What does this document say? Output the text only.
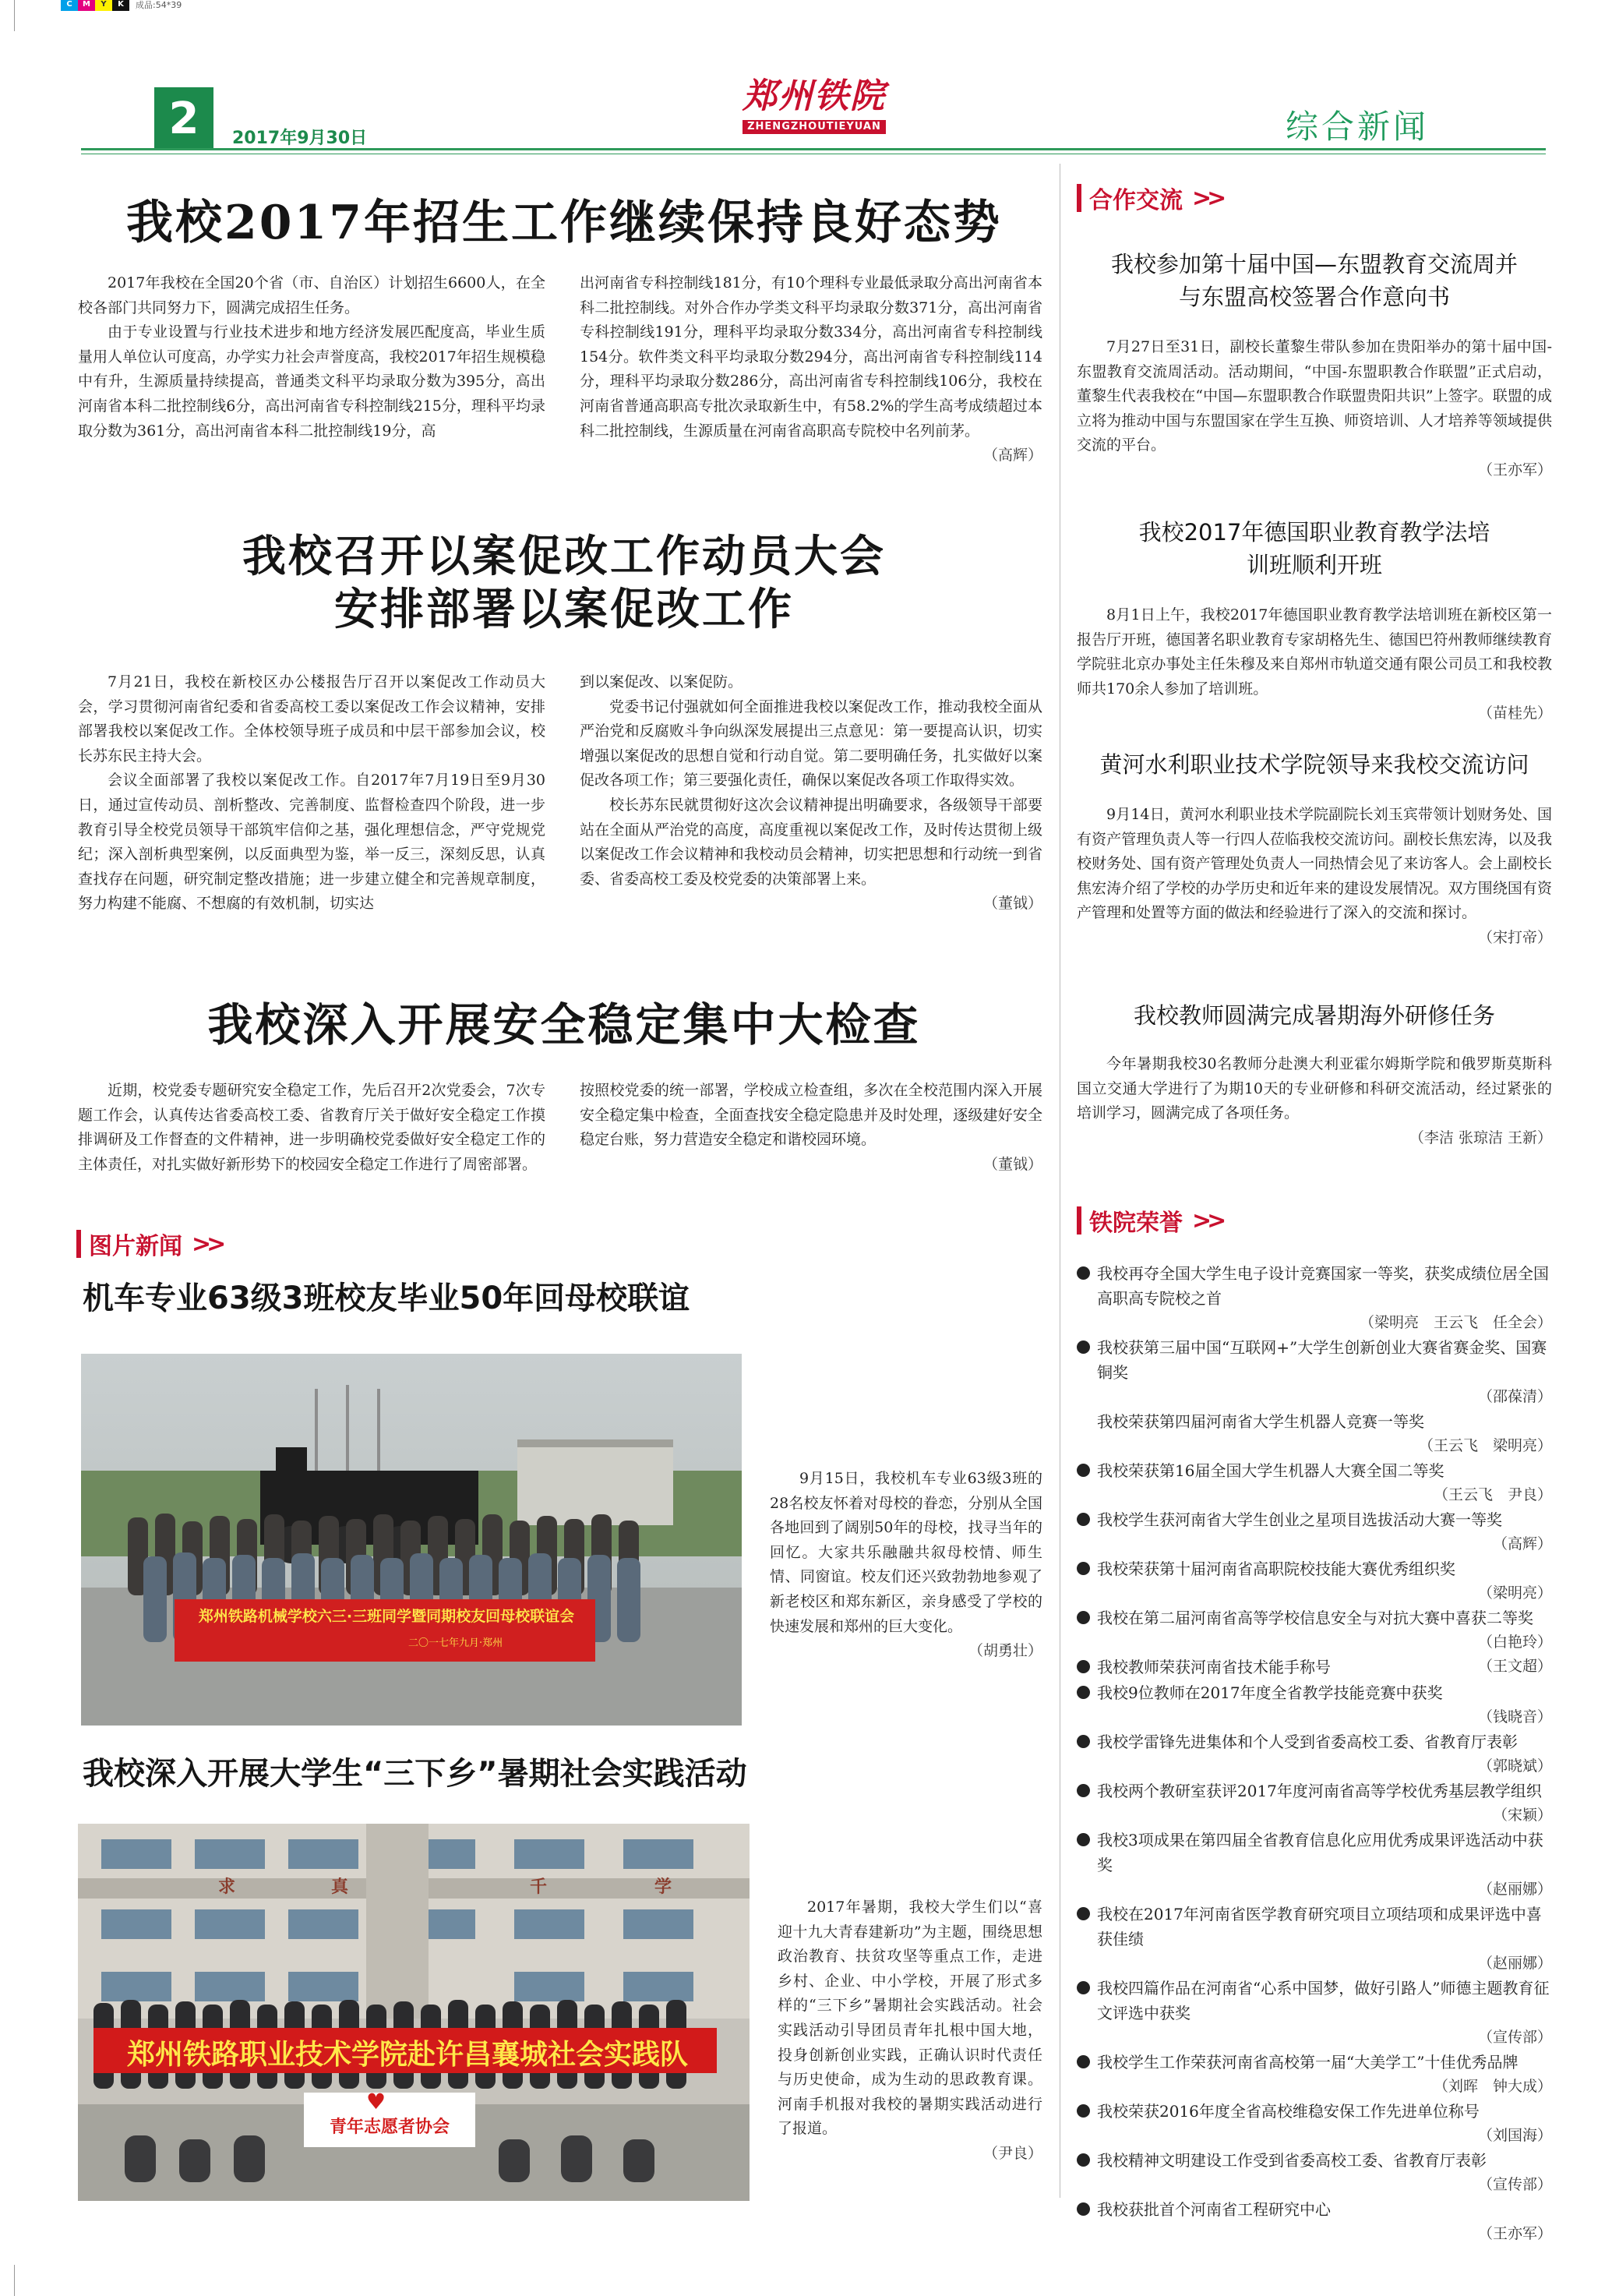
C	M	Y	K	成品:54*39
2 2017年9月30日
郑州铁院
ZHENGZHOUTIEYUAN	综合新闻
我校2017年招生工作继续保持良好态势

2017年我校在全国20个省（市、自治区）计划招生6600人，在全校各部门共同努力下，圆满完成招生任务。

由于专业设置与行业技术进步和地方经济发展匹配度高，毕业生质量用人单位认可度高，办学实力社会声誉度高，我校2017年招生规模稳中有升，生源质量持续提高，普通类文科平均录取分数为395分，高出河南省本科二批控制线6分，高出河南省专科控制线215分，理科平均录取分数为361分，高出河南省本科二批控制线19分，高

出河南省专科控制线181分，有10个理科专业最低录取分高出河南省本科二批控制线。对外合作办学类文科平均录取分数371分，高出河南省专科控制线191分，理科平均录取分数334分，高出河南省专科控制线154分。软件类文科平均录取分数294分，高出河南省专科控制线114分，理科平均录取分数286分，高出河南省专科控制线106分，我校在河南省普通高职高专批次录取新生中，有58.2%的学生高考成绩超过本科二批控制线，生源质量在河南省高职高专院校中名列前茅。

（高辉）
我校召开以案促改工作动员大会
安排部署以案促改工作

7月21日，我校在新校区办公楼报告厅召开以案促改工作动员大会，学习贯彻河南省纪委和省委高校工委以案促改工作会议精神，安排部署我校以案促改工作。全体校领导班子成员和中层干部参加会议，校长苏东民主持大会。

会议全面部署了我校以案促改工作。自2017年7月19日至9月30日，通过宣传动员、剖析整改、完善制度、监督检查四个阶段，进一步教育引导全校党员领导干部筑牢信仰之基，强化理想信念，严守党规党纪；深入剖析典型案例，以反面典型为鉴，举一反三，深刻反思，认真查找存在问题，研究制定整改措施；进一步建立健全和完善规章制度，努力构建不能腐、不想腐的有效机制，切实达

到以案促改、以案促防。

党委书记付强就如何全面推进我校以案促改工作，推动我校全面从严治党和反腐败斗争向纵深发展提出三点意见：第一要提高认识，切实增强以案促改的思想自觉和行动自觉。第二要明确任务，扎实做好以案促改各项工作；第三要强化责任，确保以案促改各项工作取得实效。

校长苏东民就贯彻好这次会议精神提出明确要求，各级领导干部要站在全面从严治党的高度，高度重视以案促改工作，及时传达贯彻上级以案促改工作会议精神和我校动员会精神，切实把思想和行动统一到省委、省委高校工委及校党委的决策部署上来。

（董钺）
我校深入开展安全稳定集中大检查

近期，校党委专题研究安全稳定工作，先后召开2次党委会，7次专题工作会，认真传达省委高校工委、省教育厅关于做好安全稳定工作摸排调研及工作督查的文件精神，进一步明确校党委做好安全稳定工作的主体责任，对扎实做好新形势下的校园安全稳定工作进行了周密部署。

按照校党委的统一部署，学校成立检查组，多次在全校范围内深入开展安全稳定集中检查，全面查找安全稳定隐患并及时处理，逐级建好安全稳定台账，努力营造安全稳定和谐校园环境。

（董钺）
图片新闻 >>
机车专业63级3班校友毕业50年回母校联谊
郑州铁路机械学校六三·三班同学暨同期校友回母校联谊会
二〇一七年九月·郑州

9月15日，我校机车专业63级3班的28名校友怀着对母校的眷恋，分别从全国各地回到了阔别50年的母校，找寻当年的回忆。大家共乐融融共叙母校情、师生情、同窗谊。校友们还兴致勃勃地参观了新老校区和郑东新区，亲身感受了学校的快速发展和郑州的巨大变化。

（胡勇壮）
我校深入开展大学生“三下乡”暑期社会实践活动
郑州铁路职业技术学院赴许昌襄城社会实践队
青年志愿者协会
♥
求	真	千	学

2017年暑期，我校大学生们以“喜迎十九大青春建新功”为主题，围绕思想政治教育、扶贫攻坚等重点工作，走进乡村、企业、中小学校，开展了形式多样的“三下乡”暑期社会实践活动。社会实践活动引导团员青年扎根中国大地，投身创新创业实践，正确认识时代责任与历史使命，成为生动的思政教育课。河南手机报对我校的暑期实践活动进行了报道。

（尹良）
合作交流 >>
我校参加第十届中国—东盟教育交流周并与东盟高校签署合作意向书

7月27日至31日，副校长董黎生带队参加在贵阳举办的第十届中国-东盟教育交流周活动。活动期间，“中国-东盟职教合作联盟”正式启动，董黎生代表我校在“中国—东盟职教合作联盟贵阳共识”上签字。联盟的成立将为推动中国与东盟国家在学生互换、师资培训、人才培养等领域提供交流的平台。

（王亦军）
我校2017年德国职业教育教学法培训班顺利开班

8月1日上午，我校2017年德国职业教育教学法培训班在新校区第一报告厅开班，德国著名职业教育专家胡格先生、德国巴符州教师继续教育学院驻北京办事处主任朱穆及来自郑州市轨道交通有限公司员工和我校教师共170余人参加了培训班。

（苗桂先）
黄河水利职业技术学院领导来我校交流访问

9月14日，黄河水利职业技术学院副院长刘玉宾带领计划财务处、国有资产管理负责人等一行四人莅临我校交流访问。副校长焦宏涛，以及我校财务处、国有资产管理处负责人一同热情会见了来访客人。会上副校长焦宏涛介绍了学校的办学历史和近年来的建设发展情况。双方围绕国有资产管理和处置等方面的做法和经验进行了深入的交流和探讨。

（宋打帝）
我校教师圆满完成暑期海外研修任务

今年暑期我校30名教师分赴澳大利亚霍尔姆斯学院和俄罗斯莫斯科国立交通大学进行了为期10天的专业研修和科研交流活动，经过紧张的培训学习，圆满完成了各项任务。

（李洁 张琼洁 王新）
铁院荣誉 >>
我校再夺全国大学生电子设计竞赛国家一等奖，获奖成绩位居全国高职高专院校之首
（梁明亮　王云飞　任全会）
我校获第三届中国“互联网+”大学生创新创业大赛省赛金奖、国赛铜奖
（邵葆清）
我校荣获第四届河南省大学生机器人竞赛一等奖
（王云飞　梁明亮）
我校荣获第16届全国大学生机器人大赛全国二等奖
（王云飞　尹良）
我校学生获河南省大学生创业之星项目选拔活动大赛一等奖
（高辉）
我校荣获第十届河南省高职院校技能大赛优秀组织奖
（梁明亮）
我校在第二届河南省高等学校信息安全与对抗大赛中喜获二等奖
（白艳玲）
我校教师荣获河南省技术能手称号	（王文超）
我校9位教师在2017年度全省教学技能竞赛中获奖
（钱晓音）
我校学雷锋先进集体和个人受到省委高校工委、省教育厅表彰
（郭晓斌）
我校两个教研室获评2017年度河南省高等学校优秀基层教学组织
（宋颖）
我校3项成果在第四届全省教育信息化应用优秀成果评选活动中获奖
（赵丽娜）
我校在2017年河南省医学教育研究项目立项结项和成果评选中喜获佳绩
（赵丽娜）
我校四篇作品在河南省“心系中国梦，做好引路人”师德主题教育征文评选中获奖
（宣传部）
我校学生工作荣获河南省高校第一届“大美学工”十佳优秀品牌
（刘晖　钟大成）
我校荣获2016年度全省高校维稳安保工作先进单位称号
（刘国海）
我校精神文明建设工作受到省委高校工委、省教育厅表彰
（宣传部）
我校获批首个河南省工程研究中心
（王亦军）
